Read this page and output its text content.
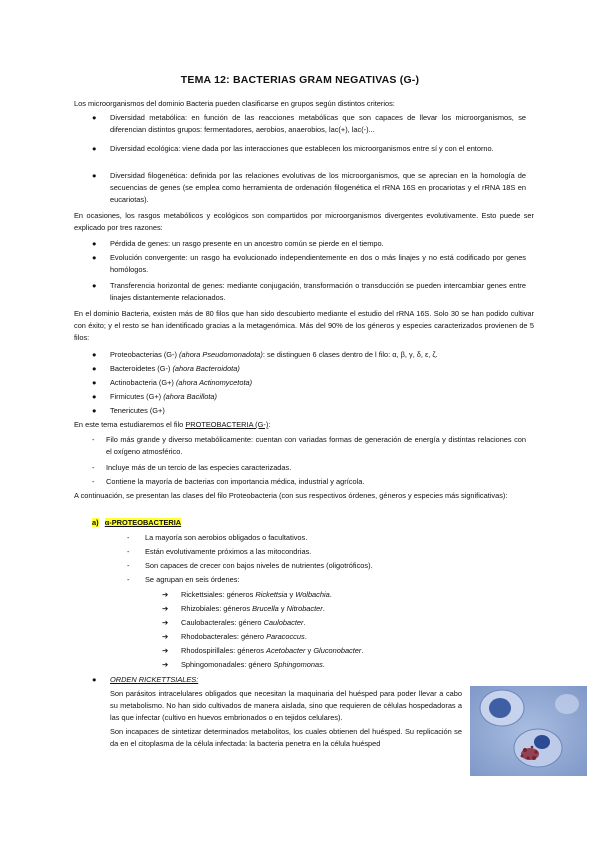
TEMA 12: BACTERIAS GRAM NEGATIVAS (G-)
Los microorganismos del dominio Bacteria pueden clasificarse en grupos según distintos criterios:
● Diversidad metabólica: en función de las reacciones metabólicas que son capaces de llevar los microorganismos, se diferencian distintos grupos: fermentadores, aerobios, anaerobios, lac(+), lac(-)...
● Diversidad ecológica: viene dada por las interacciones que establecen los microorganismos entre sí y con el entorno.
● Diversidad filogenética: definida por las relaciones evolutivas de los microorganismos, que se aprecian en la homología de secuencias de genes (se emplea como herramienta de ordenación filogenética el rRNA 16S en procariotas y el rRNA 18S en eucariotas).
En ocasiones, los rasgos metabólicos y ecológicos son compartidos por microorganismos divergentes evolutivamente. Esto puede ser explicado por tres razones:
● Pérdida de genes: un rasgo presente en un ancestro común se pierde en el tiempo.
● Evolución convergente: un rasgo ha evolucionado independientemente en dos o más linajes y no está codificado por genes homólogos.
● Transferencia horizontal de genes: mediante conjugación, transformación o transducción se pueden intercambiar genes entre linajes distantemente relacionados.
En el dominio Bacteria, existen más de 80 filos que han sido descubierto mediante el estudio del rRNA 16S. Solo 30 se han podido cultivar con éxito; y el resto se han identificado gracias a la metagenómica. Más del 90% de los géneros y especies caracterizados provienen de 5 filos:
● Proteobacterias (G-) (ahora Pseudomonadota): se distinguen 6 clases dentro de l filo: α, β, γ, δ, ε, ζ.
● Bacteroidetes (G-) (ahora Bacteroidota)
● Actinobacteria (G+) (ahora Actinomycetota)
● Firmicutes (G+) (ahora Bacillota)
● Tenericutes (G+)
En este tema estudiaremos el filo PROTEOBACTERIA (G-):
- Filo más grande y diverso metabólicamente: cuentan con variadas formas de generación de energía y distintas relaciones con el oxígeno atmosférico.
- Incluye más de un tercio de las especies caracterizadas.
- Contiene la mayoría de bacterias con importancia médica, industrial y agrícola.
A continuación, se presentan las clases del filo Proteobacteria (con sus respectivos órdenes, géneros y especies más significativas):
a) α-PROTEOBACTERIA
- La mayoría son aerobios obligados o facultativos.
- Están evolutivamente próximos a las mitocondrias.
- Son capaces de crecer con bajos niveles de nutrientes (oligotróficos).
- Se agrupan en seis órdenes:
➔ Rickettsiales: géneros Rickettsia y Wolbachia.
➔ Rhizobiales: géneros Brucella y Nitrobacter.
➔ Caulobacterales: género Caulobacter.
➔ Rhodobacterales: género Paracoccus.
➔ Rhodospirillales: géneros Acetobacter y Gluconobacter.
➔ Sphingomonadales: género Sphingomonas.
● ORDEN RICKETTSIALES:
Son parásitos intracelulares obligados que necesitan la maquinaria del huésped para poder llevar a cabo su metabolismo. No han sido cultivados de manera aislada, sino que requieren de células hospedadoras a las que infectar (cultivo en huevos embrionados o en tejidos celulares).
Son incapaces de sintetizar determinados metabolitos, los cuales obtienen del huésped. Su replicación se da en el citoplasma de la célula infectada: la bacteria penetra en la célula huésped
